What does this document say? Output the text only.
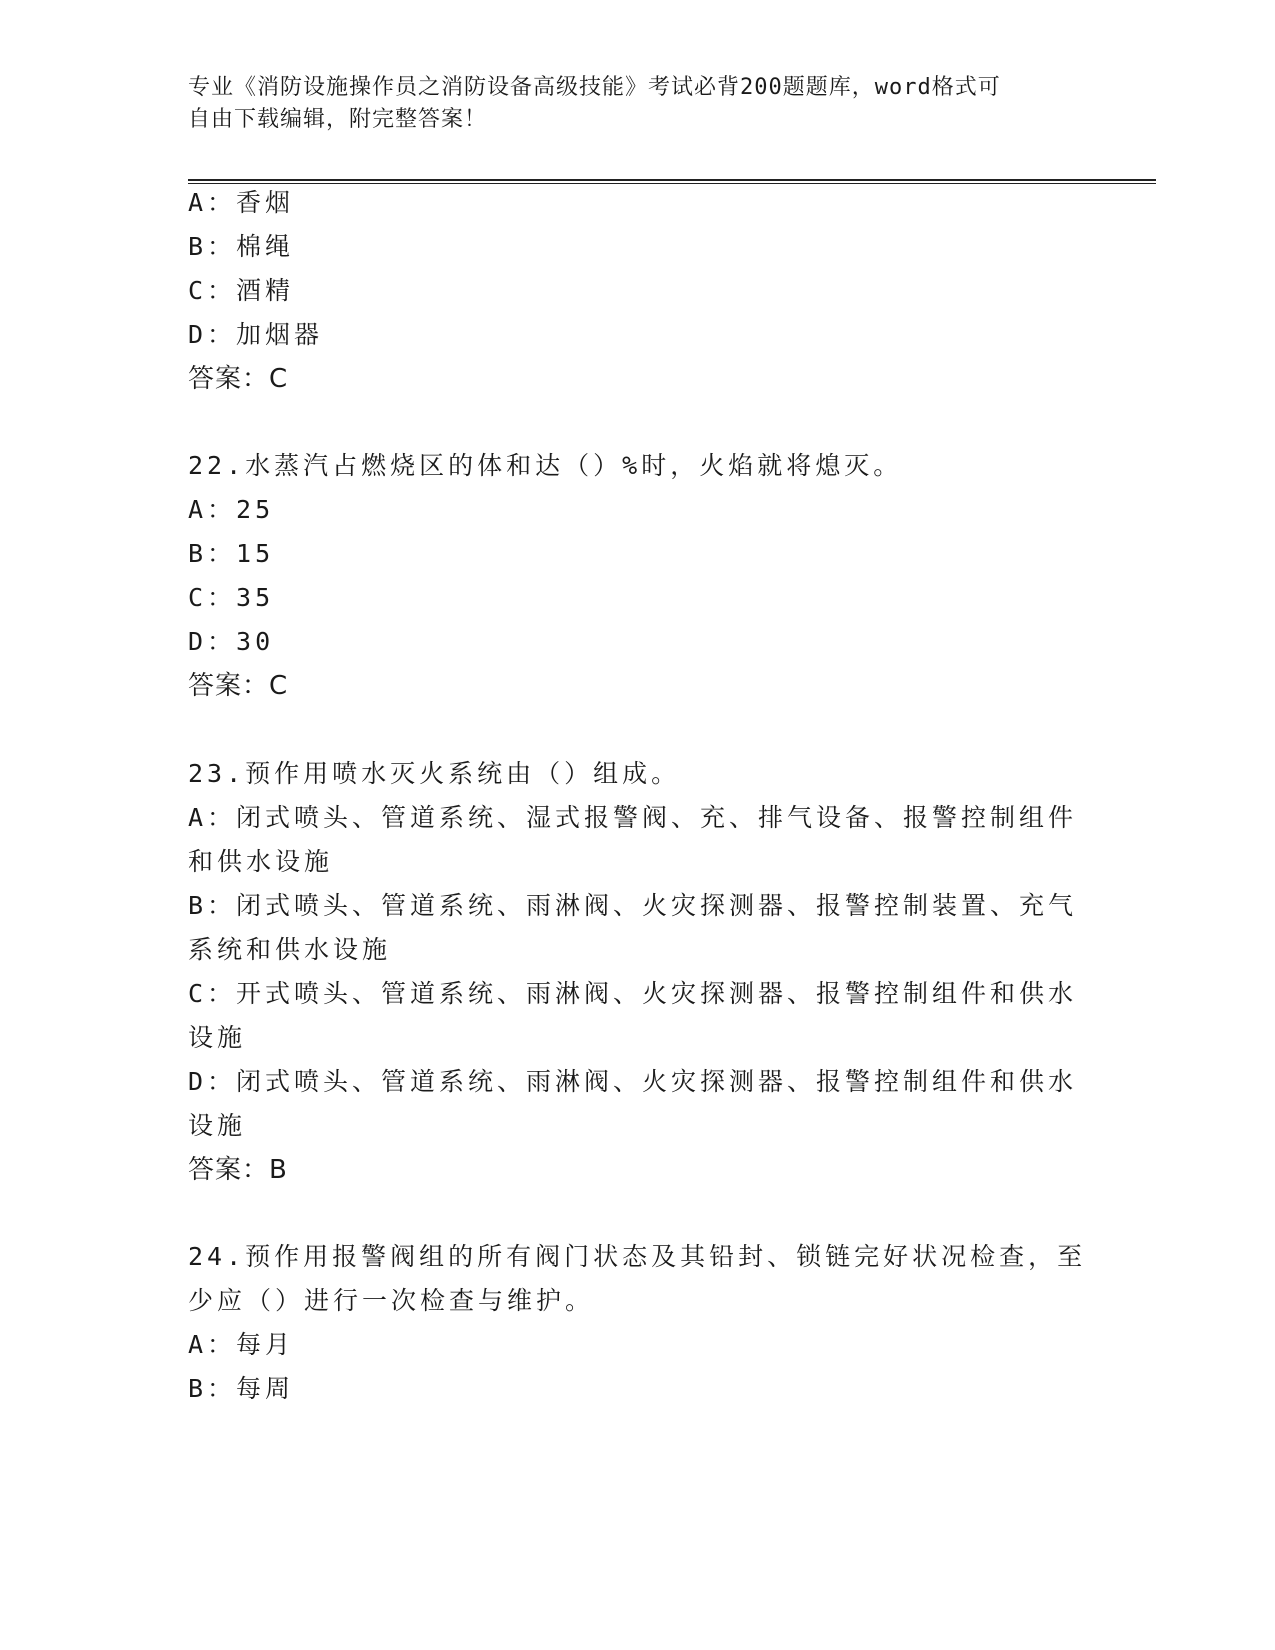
专业《消防设施操作员之消防设备高级技能》考试必背200题题库，word格式可
自由下载编辑，附完整答案！
A：香烟
B：棉绳
C：酒精
D：加烟器
答案：C
22.水蒸汽占燃烧区的体和达（）%时，火焰就将熄灭。
A：25
B：15
C：35
D：30
答案：C
23.预作用喷水灭火系统由（）组成。
A：闭式喷头、管道系统、湿式报警阀、充、排气设备、报警控制组件
和供水设施
B：闭式喷头、管道系统、雨淋阀、火灾探测器、报警控制装置、充气
系统和供水设施
C：开式喷头、管道系统、雨淋阀、火灾探测器、报警控制组件和供水
设施
D：闭式喷头、管道系统、雨淋阀、火灾探测器、报警控制组件和供水
设施
答案：B
24.预作用报警阀组的所有阀门状态及其铅封、锁链完好状况检查，至
少应（）进行一次检查与维护。
A：每月
B：每周
